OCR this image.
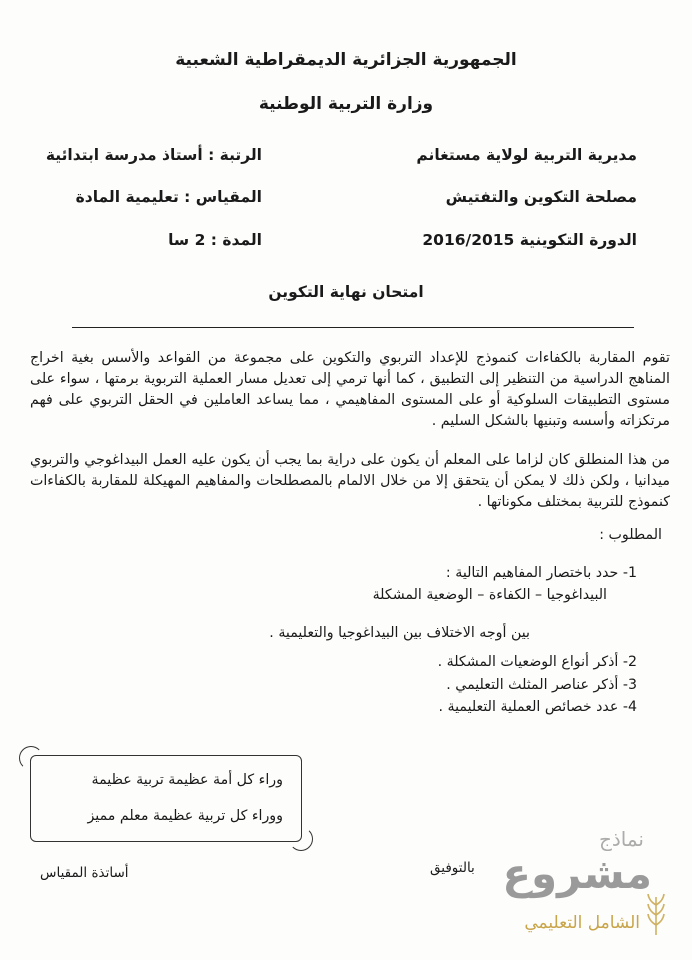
الجمهورية الجزائرية الديمقراطية الشعبية
وزارة التربية الوطنية
مديرية التربية لولاية مستغانم
مصلحة التكوين والتفتيش
الدورة التكوينية 2016/2015
الرتبة : أستاذ مدرسة ابتدائية
المقياس : تعليمية المادة
المدة : 2 سا
امتحان نهاية التكوين
تقوم المقاربة بالكفاءات كنموذج للإعداد التربوي والتكوين على مجموعة من القواعد والأسس بغية اخراج المناهج الدراسية من التنظير إلى التطبيق ، كما أنها ترمي إلى تعديل مسار العملية التربوية برمتها ، سواء على مستوى التطبيقات السلوكية أو على المستوى المفاهيمي ، مما يساعد العاملين في الحقل التربوي على فهم مرتكزاته وأسسه وتبنيها بالشكل السليم .
من هذا المنطلق كان لزاما على المعلم أن يكون على دراية بما يجب أن يكون عليه العمل البيداغوجي والتربوي ميدانيا ، ولكن ذلك لا يمكن أن يتحقق إلا من خلال الالمام بالمصطلحات والمفاهيم المهيكلة للمقاربة بالكفاءات كنموذج للتربية بمختلف مكوناتها .
المطلوب :
1- حدد باختصار المفاهيم التالية :
البيداغوجيا – الكفاءة – الوضعية المشكلة
بين أوجه الاختلاف بين البيداغوجيا والتعليمية .
2- أذكر أنواع الوضعيات المشكلة .
3- أذكر عناصر المثلث التعليمي .
4- عدد خصائص العملية التعليمية .
وراء كل أمة عظيمة تربية عظيمة
ووراء كل تربية عظيمة معلم مميز
بالتوفيق
أساتذة المقياس
نماذج
مشروع
الشامل التعليمي
